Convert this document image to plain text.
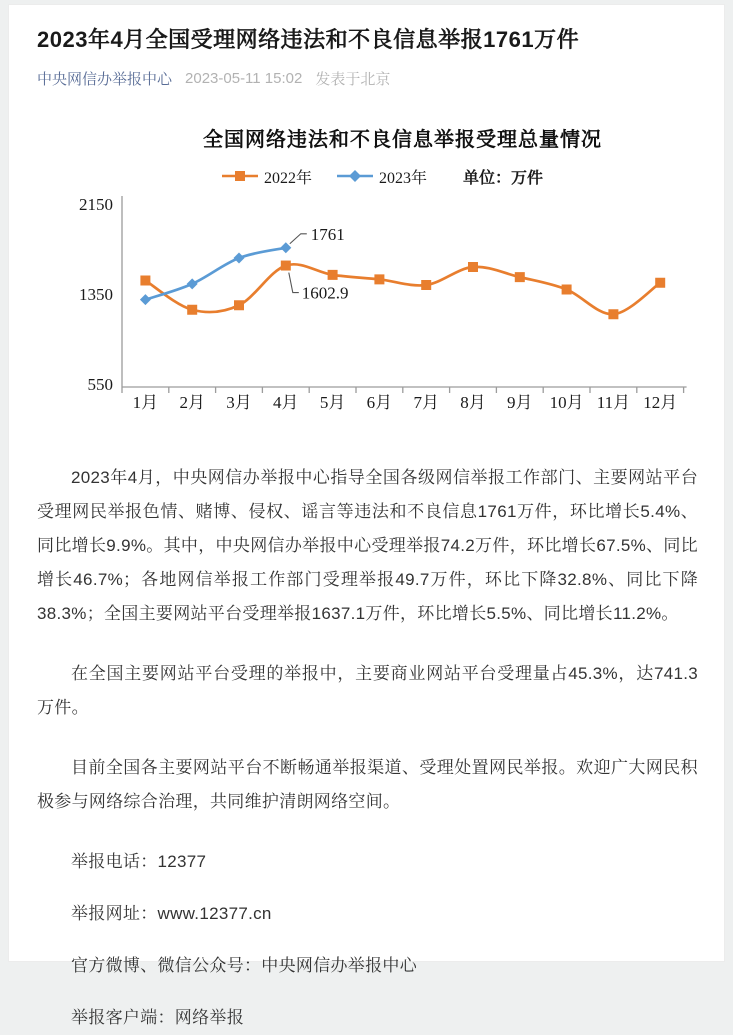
2023年4月全国受理网络违法和不良信息举报1761万件
中央网信办举报中心 2023-05-11 15:02 发表于北京
全国网络违法和不良信息举报受理总量情况
2022年	2023年 单位：万件
2150
1350
550
1月 2月 3月 4月 5月 6月 7月 8月 9月 10月 11月 12月
1761
1602.9

2023年4月，中央网信办举报中心指导全国各级网信举报工作部门、主要网站平台受理网民举报色情、赌博、侵权、谣言等违法和不良信息1761万件，环比增长5.4%、同比增长9.9%。其中，中央网信办举报中心受理举报74.2万件，环比增长67.5%、同比增长46.7%；各地网信举报工作部门受理举报49.7万件，环比下降32.8%、同比下降38.3%；全国主要网站平台受理举报1637.1万件，环比增长5.5%、同比增长11.2%。

在全国主要网站平台受理的举报中，主要商业网站平台受理量占45.3%，达741.3万件。

目前全国各主要网站平台不断畅通举报渠道、受理处置网民举报。欢迎广大网民积极参与网络综合治理，共同维护清朗网络空间。

举报电话：12377

举报网址：www.12377.cn

官方微博、微信公众号：中央网信办举报中心

举报客户端：网络举报
